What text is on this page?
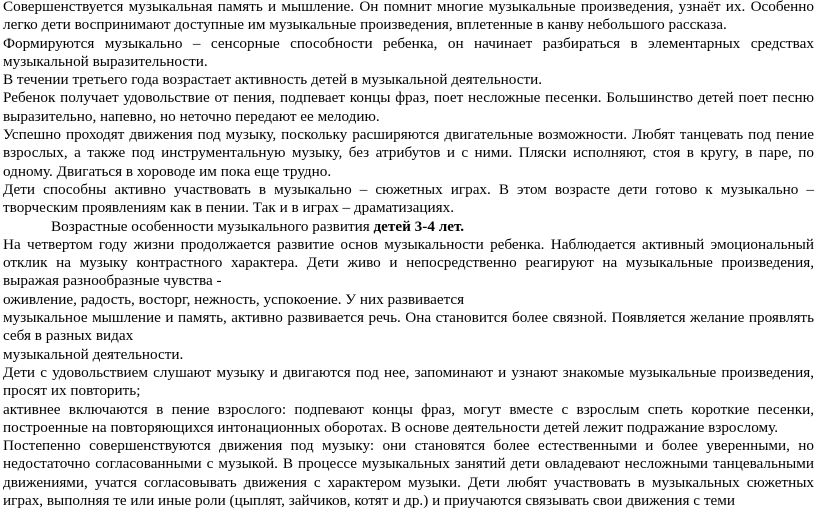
Совершенствуется музыкальная память и мышление. Он помнит многие музыкальные произведения, узнаёт их. Особенно легко дети воспринимают доступные им музыкальные произведения, вплетенные в канву небольшого рассказа.

Формируются музыкально – сенсорные способности ребенка, он начинает разбираться в элементарных средствах музыкальной выразительности.

В течении третьего года возрастает активность детей в музыкальной деятельности.

Ребенок получает удовольствие от пения, подпевает концы фраз, поет несложные песенки. Большинство детей поет песню выразительно, напевно, но неточно передают ее мелодию.

Успешно проходят движения под музыку, поскольку расширяются двигательные возможности. Любят танцевать под пение взрослых, а также под инструментальную музыку, без атрибутов и с ними. Пляски исполняют, стоя в кругу, в паре, по одному. Двигаться в хороводе им пока еще трудно.

Дети способны активно участвовать в музыкально – сюжетных играх. В этом возрасте дети готово к музыкально – творческим проявлениям как в пении. Так и в играх – драматизациях.

Возрастные особенности музыкального развития детей 3-4 лет.

На четвертом году жизни продолжается развитие основ музыкальности ребенка. Наблюдается активный эмоциональный отклик на музыку контрастного характера. Дети живо и непосредственно реагируют на музыкальные произведения, выражая разнообразные чувства -

оживление, радость, восторг, нежность, успокоение. У них развивается

музыкальное мышление и память, активно развивается речь. Она становится более связной. Появляется желание проявлять себя в разных видах

музыкальной деятельности.

Дети с удовольствием слушают музыку и двигаются под нее, запоминают и узнают знакомые музыкальные произведения, просят их повторить;

активнее включаются в пение взрослого: подпевают концы фраз, могут вместе с взрослым спеть короткие песенки, построенные на повторяющихся интонационных оборотах. В основе деятельности детей лежит подражание взрослому.

Постепенно совершенствуются движения под музыку: они становятся более естественными и более уверенными, но недостаточно согласованными с музыкой. В процессе музыкальных занятий дети овладевают несложными танцевальными движениями, учатся согласовывать движения с характером музыки. Дети любят участвовать в музыкальных сюжетных играх, выполняя те или иные роли (цыплят, зайчиков, котят и др.) и приучаются связывать свои движения с теми
